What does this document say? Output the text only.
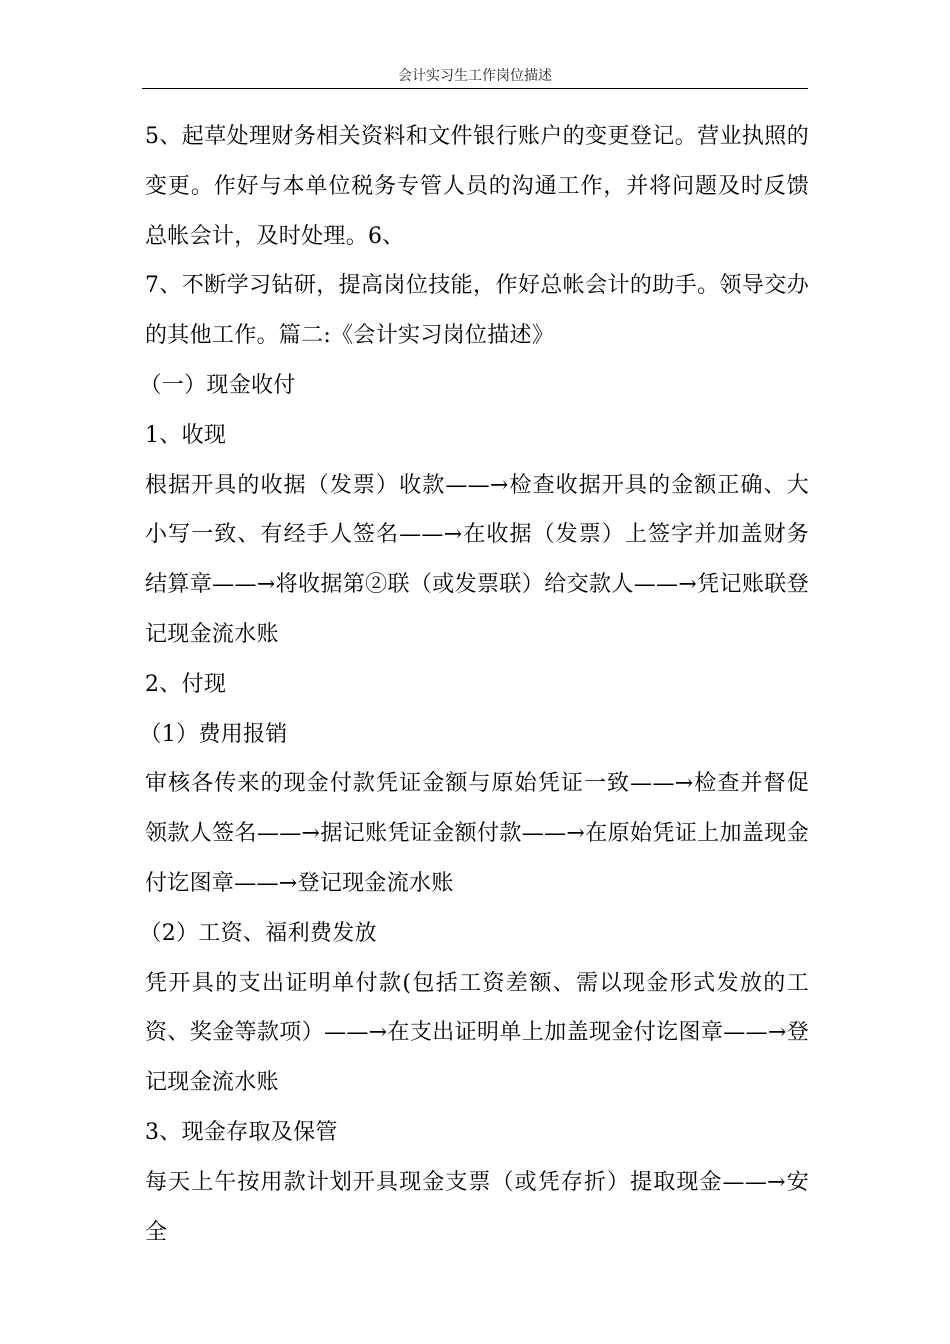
会计实习生工作岗位描述

5、起草处理财务相关资料和文件银行账户的变更登记。营业执照的变更。作好与本单位税务专管人员的沟通工作，并将问题及时反馈总帐会计，及时处理。6、

7、不断学习钻研，提高岗位技能，作好总帐会计的助手。领导交办的其他工作。篇二:《会计实习岗位描述》

（一）现金收付

1、收现

根据开具的收据（发票）收款——→检查收据开具的金额正确、大小写一致、有经手人签名——→在收据（发票）上签字并加盖财务结算章——→将收据第②联（或发票联）给交款人——→凭记账联登记现金流水账

2、付现

（1）费用报销

审核各传来的现金付款凭证金额与原始凭证一致——→检查并督促领款人签名——→据记账凭证金额付款——→在原始凭证上加盖现金付讫图章——→登记现金流水账

（2）工资、福利费发放

凭开具的支出证明单付款(包括工资差额、需以现金形式发放的工资、奖金等款项）——→在支出证明单上加盖现金付讫图章——→登记现金流水账

3、现金存取及保管

每天上午按用款计划开具现金支票（或凭存折）提取现金——→安全
